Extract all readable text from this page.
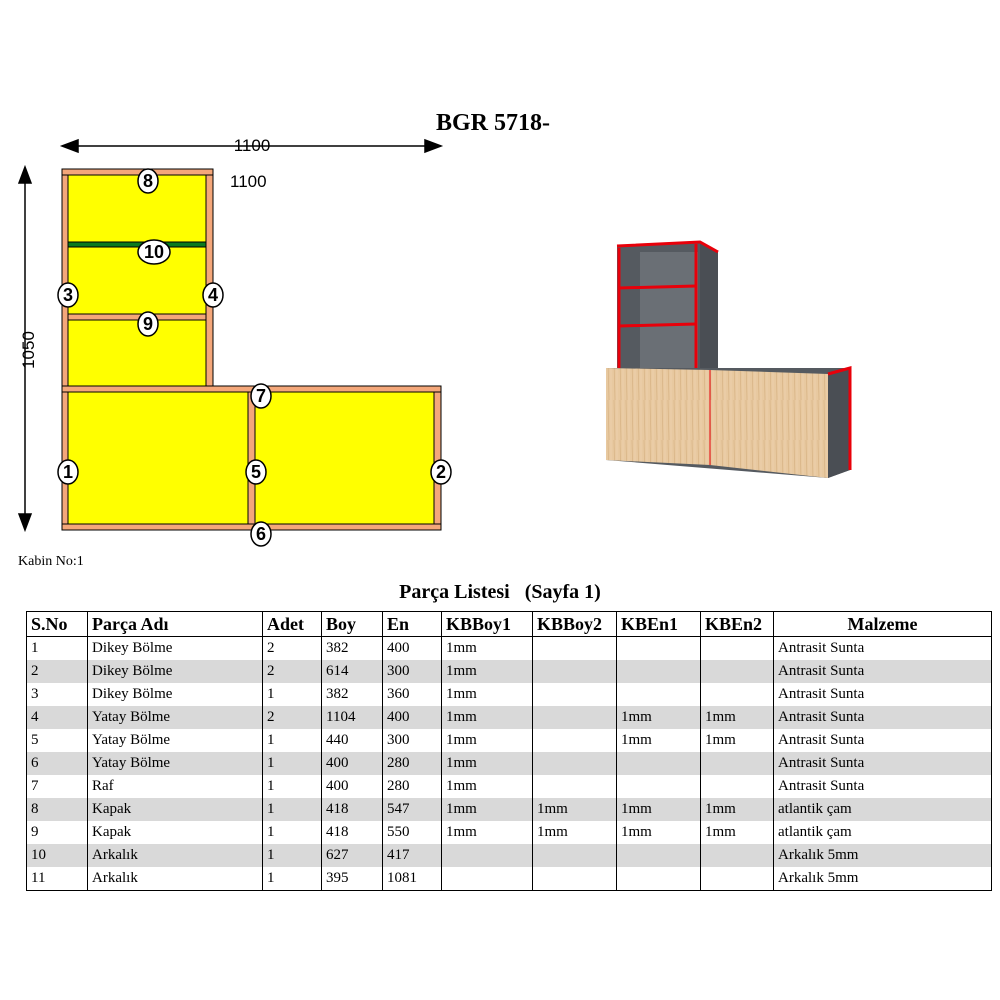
BGR 5718-
1100
1100
1050
8
10
3	4
9
7
1	5	2
6
Kabin No:1
Parça Listesi   (Sayfa 1)
S.No	Parça Adı	Adet	Boy	En	KBBoy1	KBBoy2	KBEn1	KBEn2	Malzeme
1	Dikey Bölme	2	382	400	1mm				Antrasit Sunta
2	Dikey Bölme	2	614	300	1mm				Antrasit Sunta
3	Dikey Bölme	1	382	360	1mm				Antrasit Sunta
4	Yatay Bölme	2	1104	400	1mm		1mm	1mm	Antrasit Sunta
5	Yatay Bölme	1	440	300	1mm		1mm	1mm	Antrasit Sunta
6	Yatay Bölme	1	400	280	1mm				Antrasit Sunta
7	Raf	1	400	280	1mm				Antrasit Sunta
8	Kapak	1	418	547	1mm	1mm	1mm	1mm	atlantik çam
9	Kapak	1	418	550	1mm	1mm	1mm	1mm	atlantik çam
10	Arkalık	1	627	417					Arkalık 5mm
11	Arkalık	1	395	1081					Arkalık 5mm
